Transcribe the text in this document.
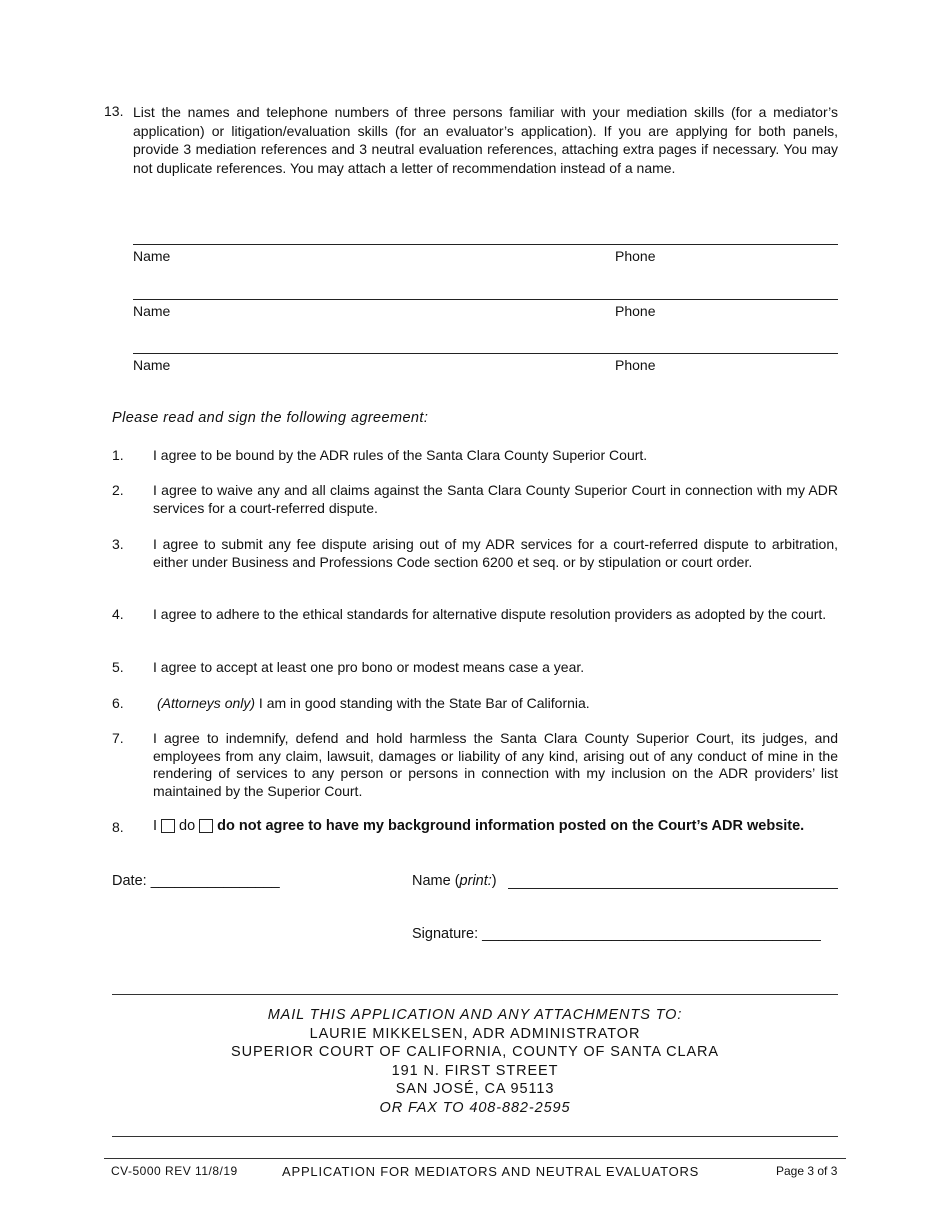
13. List the names and telephone numbers of three persons familiar with your mediation skills (for a mediator’s application) or litigation/evaluation skills (for an evaluator’s application). If you are applying for both panels, provide 3 mediation references and 3 neutral evaluation references, attaching extra pages if necessary. You may not duplicate references. You may attach a letter of recommendation instead of a name.
Name	Phone
Name	Phone
Name	Phone
Please read and sign the following agreement:
1. I agree to be bound by the ADR rules of the Santa Clara County Superior Court.
2. I agree to waive any and all claims against the Santa Clara County Superior Court in connection with my ADR services for a court-referred dispute.
3. I agree to submit any fee dispute arising out of my ADR services for a court-referred dispute to arbitration, either under Business and Professions Code section 6200 et seq. or by stipulation or court order.
4. I agree to adhere to the ethical standards for alternative dispute resolution providers as adopted by the court.
5. I agree to accept at least one pro bono or modest means case a year.
6. (Attorneys only) I am in good standing with the State Bar of California.
7. I agree to indemnify, defend and hold harmless the Santa Clara County Superior Court, its judges, and employees from any claim, lawsuit, damages or liability of any kind, arising out of any conduct of mine in the rendering of services to any person or persons in connection with my inclusion on the ADR providers’ list maintained by the Superior Court.
8. I do do not agree to have my background information posted on the Court’s ADR website.
Date: ________________	Name (print:)
Signature: __________________________________________
MAIL THIS APPLICATION AND ANY ATTACHMENTS TO:
LAURIE MIKKELSEN, ADR ADMINISTRATOR
SUPERIOR COURT OF CALIFORNIA, COUNTY OF SANTA CLARA
191 N. FIRST STREET
SAN JOSÉ, CA 95113
OR FAX TO 408-882-2595
CV-5000 REV 11/8/19	APPLICATION FOR MEDIATORS AND NEUTRAL EVALUATORS	Page 3 of 3
